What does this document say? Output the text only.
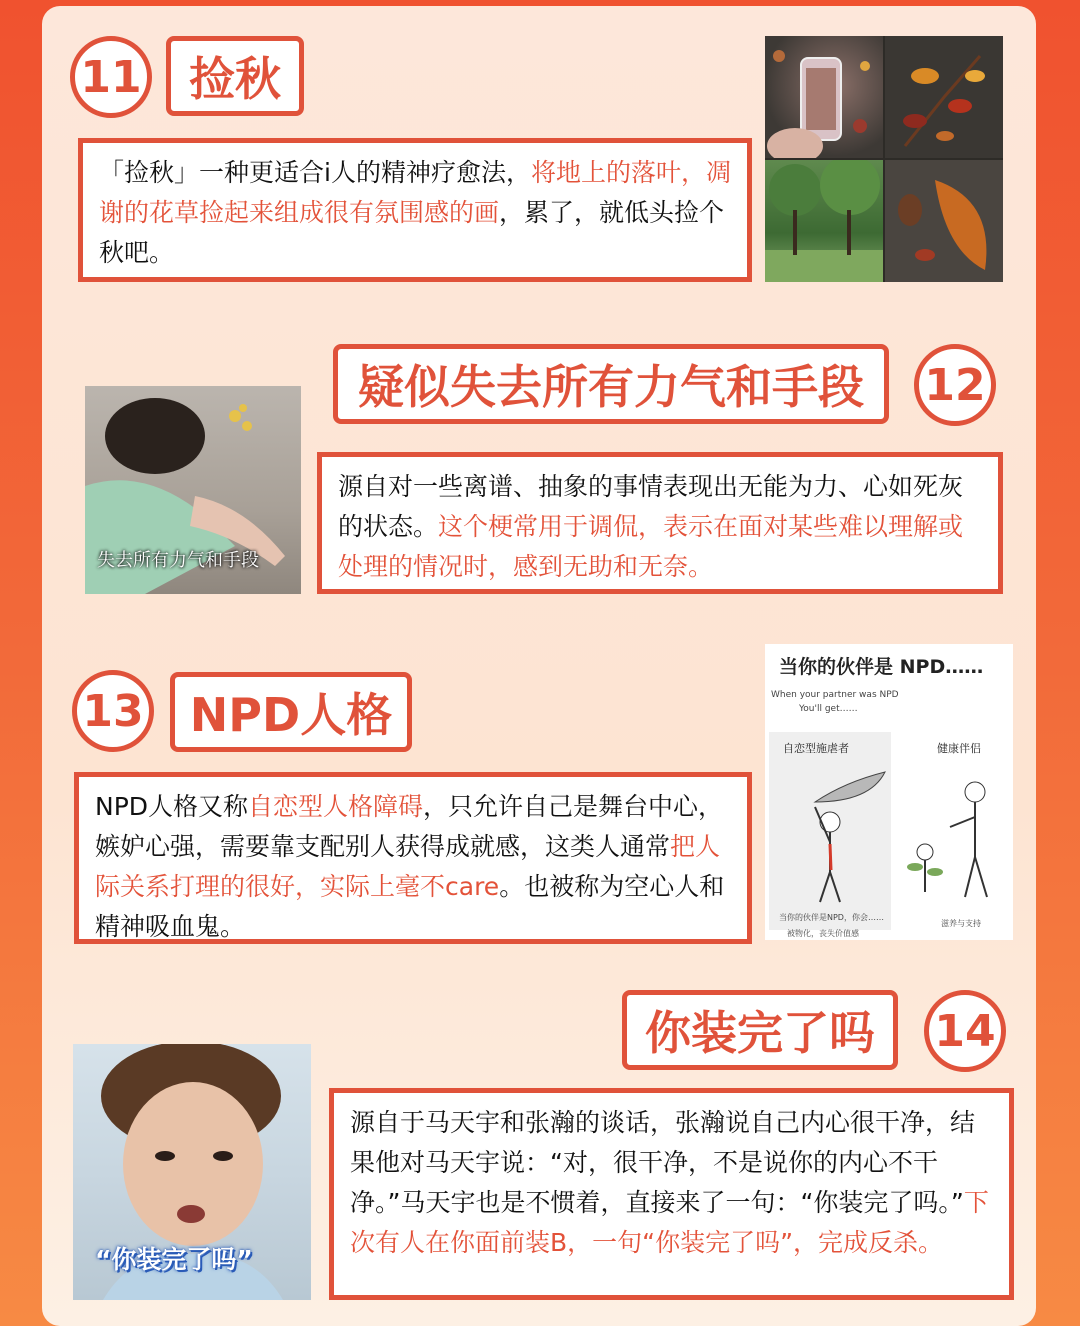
11	捡秋
「捡秋」一种更适合i人的精神疗愈法，将地上的落叶，凋谢的花草捡起来组成很有氛围感的画，累了，就低头捡个秋吧。
疑似失去所有力气和手段	12
失去所有力气和手段
源自对一些离谱、抽象的事情表现出无能为力、心如死灰的状态。这个梗常用于调侃，表示在面对某些难以理解或处理的情况时，感到无助和无奈。
13	NPD人格
NPD人格又称自恋型人格障碍，只允许自己是舞台中心，嫉妒心强，需要靠支配别人获得成就感，这类人通常把人际关系打理的很好，实际上毫不care。也被称为空心人和精神吸血鬼。
当你的伙伴是 NPD……
When your partner was NPD
You'll get……
自恋型施虐者	健康伴侣
当你的伙伴是NPD，你会……
被物化，丧失价值感
滋养与支持
你装完了吗	14
“你装完了吗”
源自于马天宇和张瀚的谈话，张瀚说自己内心很干净，结果他对马天宇说：“对，很干净，不是说你的内心不干净。”马天宇也是不惯着，直接来了一句：“你装完了吗。”下次有人在你面前装B，一句“你装完了吗”，完成反杀。
